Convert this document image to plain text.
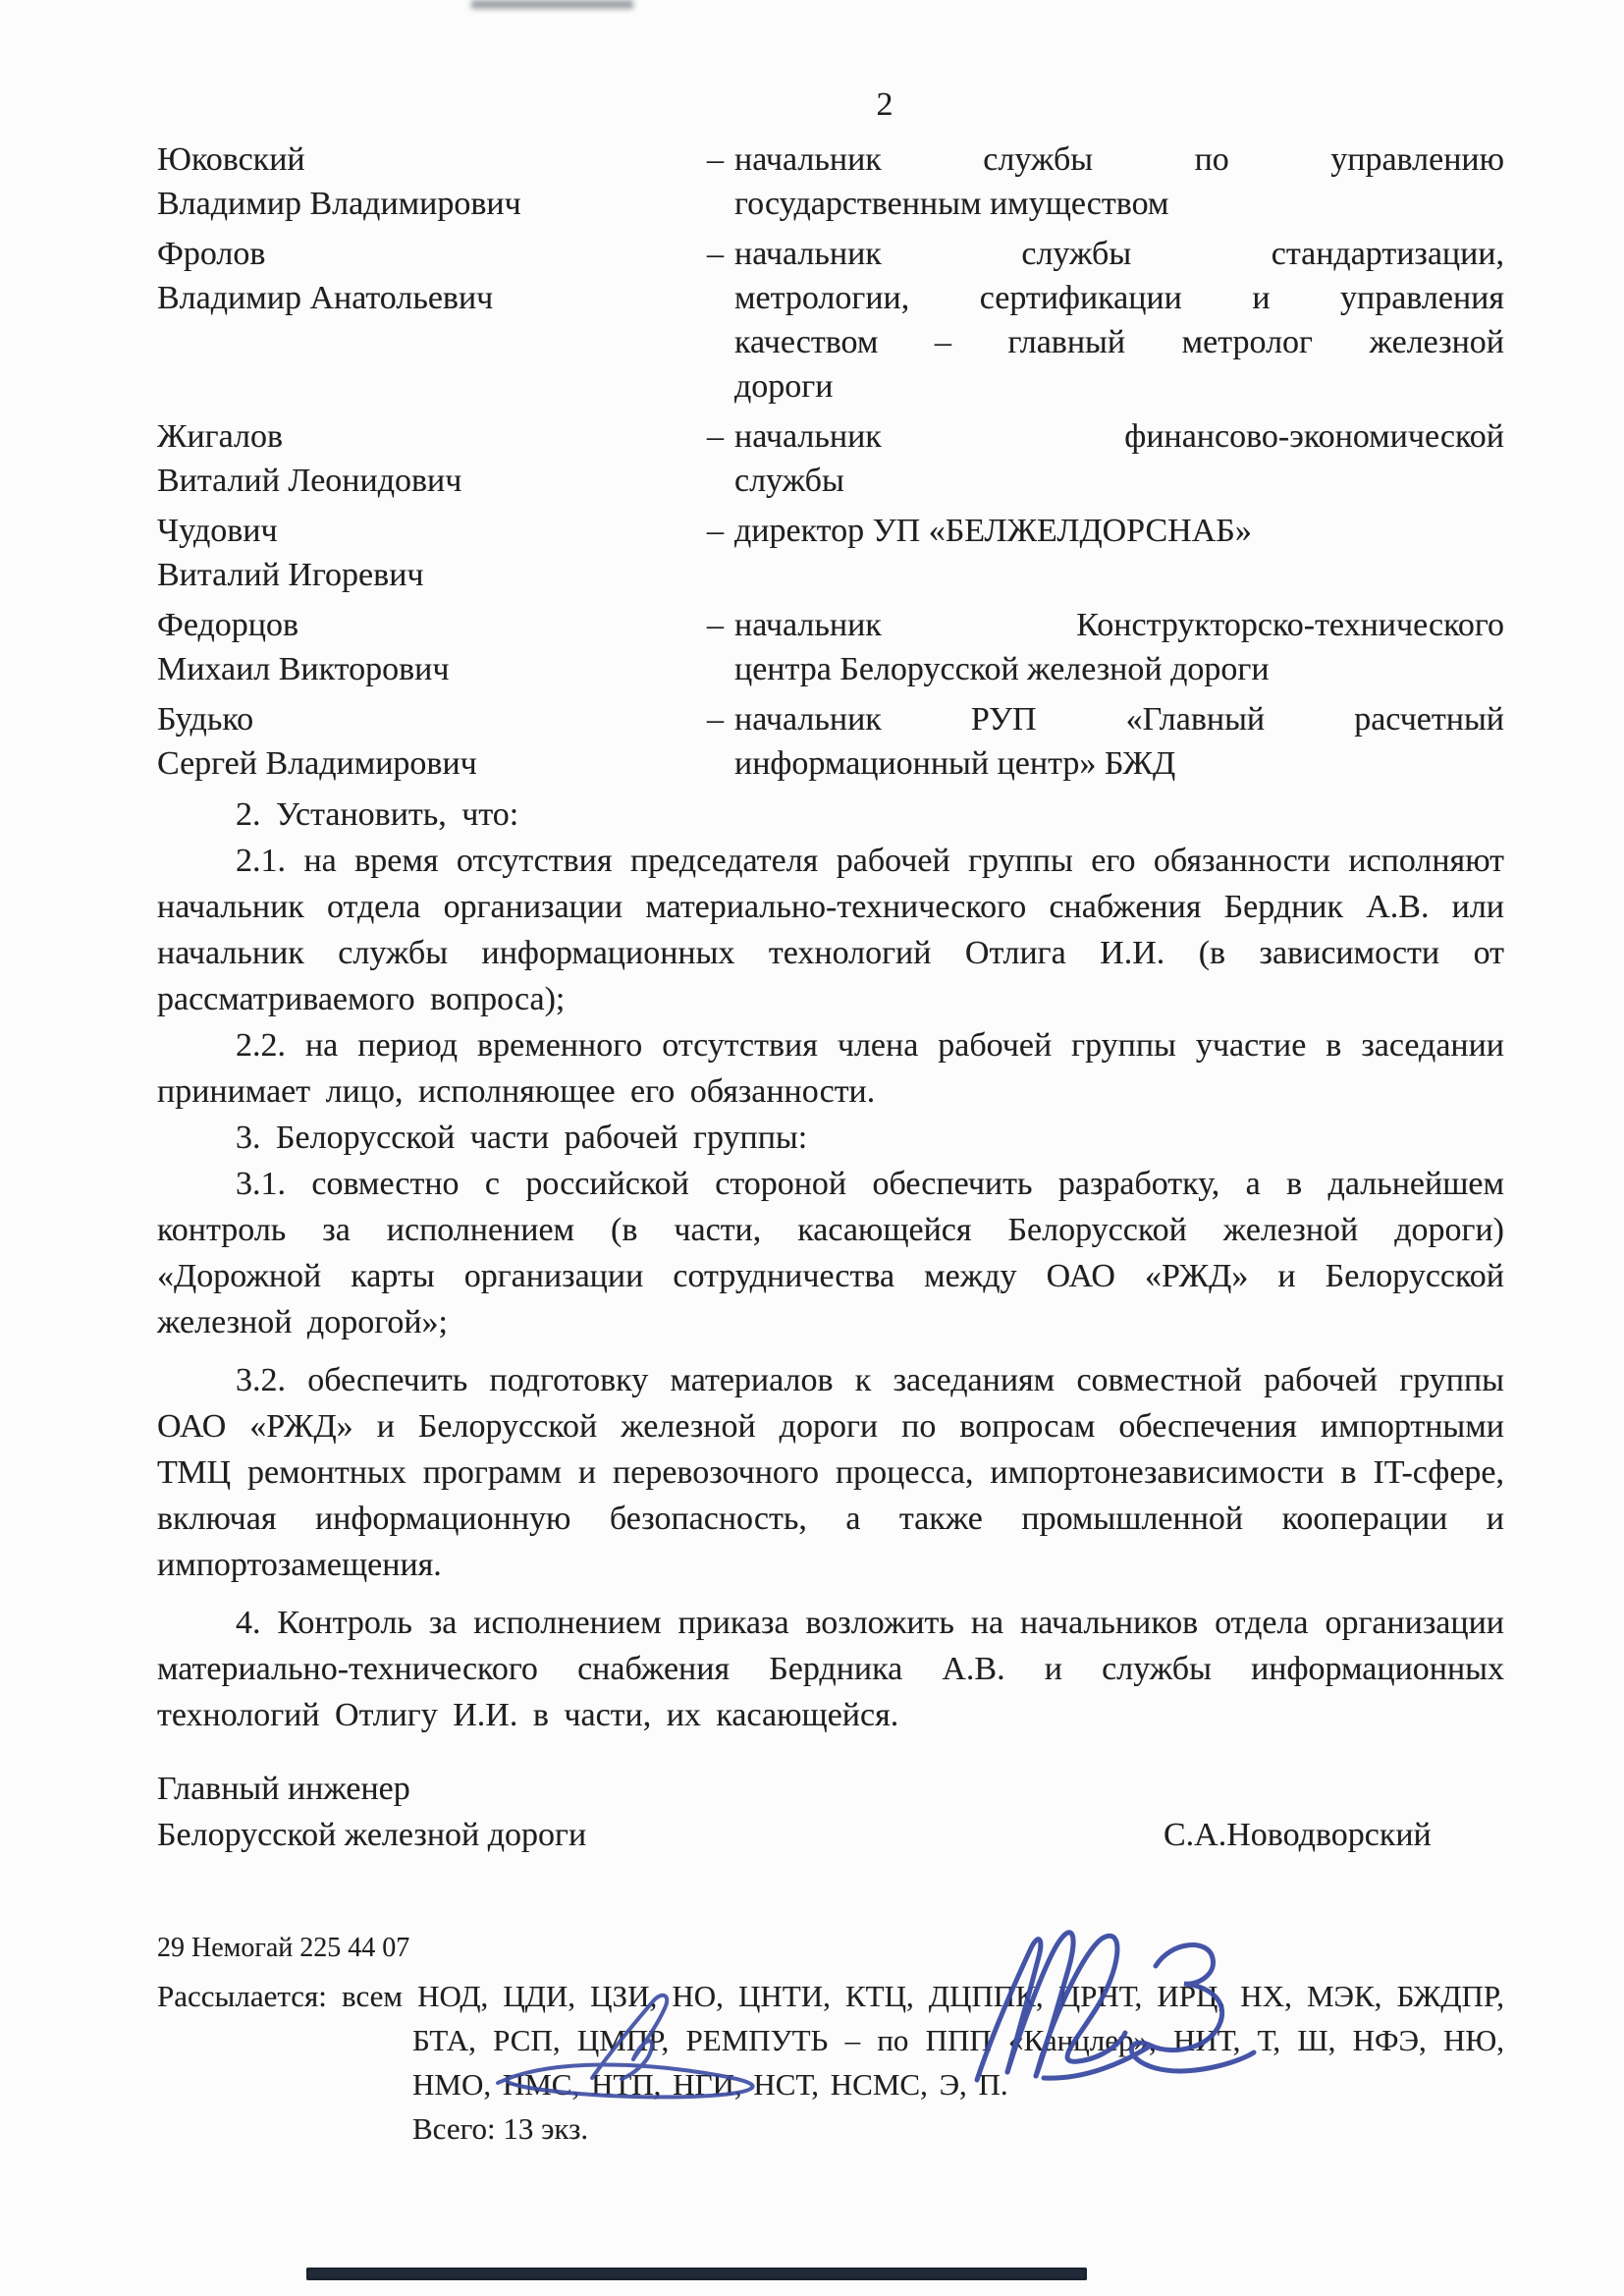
2
Юковский
Владимир Владимирович
– начальник службы по управлению
государственным имуществом
Фролов
Владимир Анатольевич
– начальник службы стандартизации,
метрологии, сертификации и управления
качеством – главный метролог железной
дороги
Жигалов
Виталий Леонидович
– начальник финансово-экономической
службы
Чудович
Виталий Игоревич
– директор УП «БЕЛЖЕЛДОРСНАБ»
Федорцов
Михаил Викторович
– начальник Конструкторско-технического
центра Белорусской железной дороги
Будько
Сергей Владимирович
– начальник РУП «Главный расчетный
информационный центр» БЖД

2. Установить, что:

2.1. на время отсутствия председателя рабочей группы его обязанности исполняют начальник отдела организации материально-технического снабжения Бердник А.В. или начальник службы информационных технологий Отлига И.И. (в зависимости от рассматриваемого вопроса);

2.2. на период временного отсутствия члена рабочей группы участие в заседании принимает лицо, исполняющее его обязанности.

3. Белорусской части рабочей группы:

3.1. совместно с российской стороной обеспечить разработку, а в дальнейшем контроль за исполнением (в части, касающейся Белорусской железной дороги) «Дорожной карты организации сотрудничества между ОАО «РЖД» и Белорусской железной дорогой»;

3.2. обеспечить подготовку материалов к заседаниям совместной рабочей группы ОАО «РЖД» и Белорусской железной дороги по вопросам обеспечения импортными ТМЦ ремонтных программ и перевозочного процесса, импортонезависимости в IT-сфере, включая информационную безопасность, а также промышленной кооперации и импортозамещения.

4. Контроль за исполнением приказа возложить на начальников отдела организации материально-технического снабжения Бердника А.В. и службы информационных технологий Отлигу И.И. в части, их касающейся.

Главный инженер
Белорусской железной дороги	С.А.Новодворский
29 Немогай 225 44 07

Рассылается: всем НОД, ЦДИ, ЦЗИ, НО, ЦНТИ, КТЦ, ДЦППК, ЦРНТ, ИРЦ, НХ, МЭК, БЖДПР, БТА, РСП, ЦМПР, РЕМПУТЬ – по ППП «Канцлер», НИТ, Т, Ш, НФЭ, НЮ, НМО, НМС, НТП, НГИ, НСТ, НСМС, Э, П.

Всего: 13 экз.
